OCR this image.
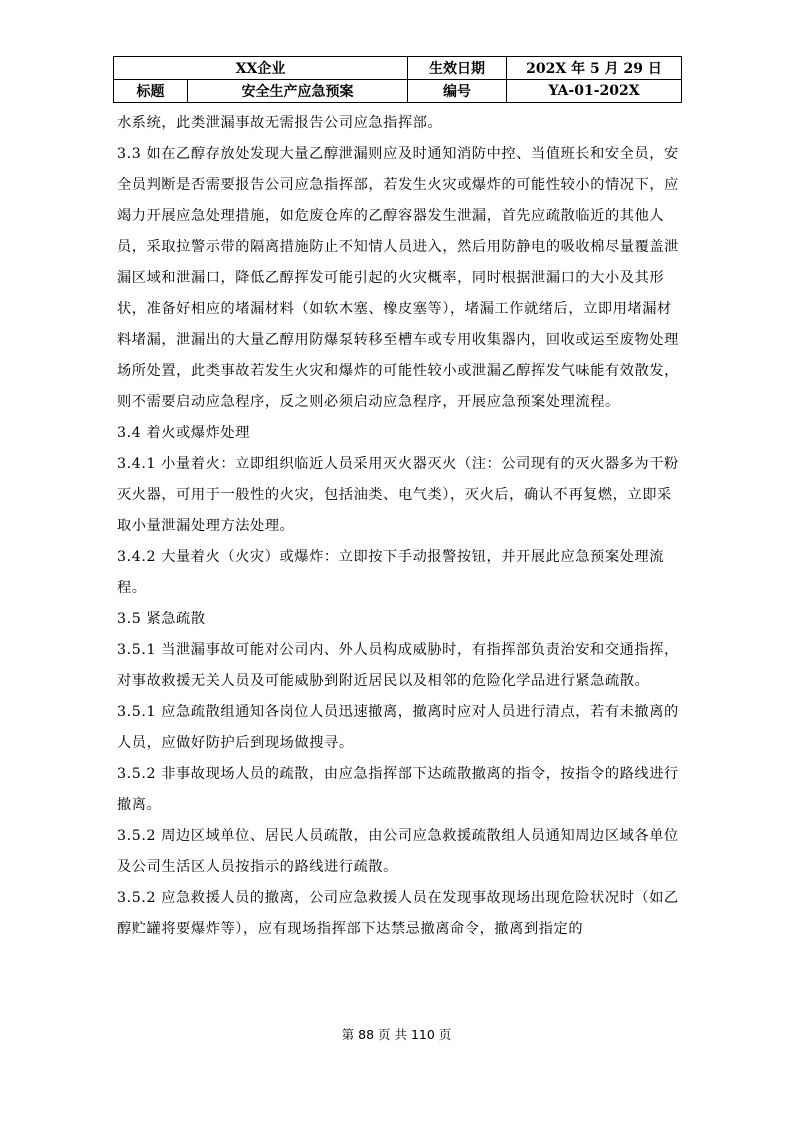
XX企业		生效日期	202X 年 5 月 29 日
标题	安全生产应急预案	编号	YA-01-202X

水系统，此类泄漏事故无需报告公司应急指挥部。

3.3 如在乙醇存放处发现大量乙醇泄漏则应及时通知消防中控、当值班长和安全员，安全员判断是否需要报告公司应急指挥部，若发生火灾或爆炸的可能性较小的情况下，应竭力开展应急处理措施，如危废仓库的乙醇容器发生泄漏，首先应疏散临近的其他人员，采取拉警示带的隔离措施防止不知情人员进入，然后用防静电的吸收棉尽量覆盖泄漏区域和泄漏口，降低乙醇挥发可能引起的火灾概率，同时根据泄漏口的大小及其形状，准备好相应的堵漏材料（如软木塞、橡皮塞等），堵漏工作就绪后，立即用堵漏材料堵漏，泄漏出的大量乙醇用防爆泵转移至槽车或专用收集器内，回收或运至废物处理场所处置，此类事故若发生火灾和爆炸的可能性较小或泄漏乙醇挥发气味能有效散发，则不需要启动应急程序，反之则必须启动应急程序，开展应急预案处理流程。

3.4 着火或爆炸处理

3.4.1 小量着火：立即组织临近人员采用灭火器灭火（注：公司现有的灭火器多为干粉灭火器，可用于一般性的火灾，包括油类、电气类），灭火后，确认不再复燃，立即采取小量泄漏处理方法处理。

3.4.2 大量着火（火灾）或爆炸：立即按下手动报警按钮，并开展此应急预案处理流程。

3.5 紧急疏散

3.5.1 当泄漏事故可能对公司内、外人员构成威胁时，有指挥部负责治安和交通指挥，对事故救援无关人员及可能威胁到附近居民以及相邻的危险化学品进行紧急疏散。

3.5.1 应急疏散组通知各岗位人员迅速撤离，撤离时应对人员进行清点，若有未撤离的人员，应做好防护后到现场做搜寻。

3.5.2 非事故现场人员的疏散，由应急指挥部下达疏散撤离的指令，按指令的路线进行撤离。

3.5.2 周边区域单位、居民人员疏散，由公司应急救援疏散组人员通知周边区域各单位及公司生活区人员按指示的路线进行疏散。

3.5.2 应急救援人员的撤离，公司应急救援人员在发现事故现场出现危险状况时（如乙醇贮罐将要爆炸等），应有现场指挥部下达禁忌撤离命令，撤离到指定的

第 88 页 共 110 页
